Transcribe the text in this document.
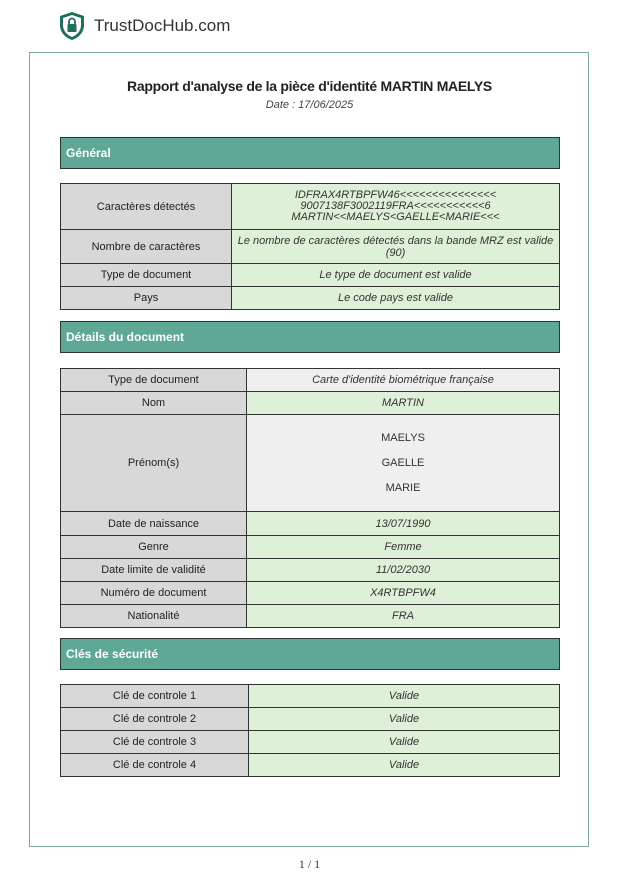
TrustDocHub.com
Rapport d'analyse de la pièce d'identité MARTIN MAELYS
Date : 17/06/2025
Général
Caractères détectés	IDFRAX4RTBPFW46<<<<<<<<<<<<<<<
9007138F3002119FRA<<<<<<<<<<<6
MARTIN<<MAELYS<GAELLE<MARIE<<<

Nombre de caractères	Le nombre de caractères détectés dans la bande MRZ est valide (90)
Type de document	Le type de document est valide
Pays	Le code pays est valide
Détails du document
Type de document	Carte d'identité biométrique française
Nom	MARTIN
Prénom(s)	MAELYS
GAELLE
MARIE

Date de naissance	13/07/1990
Genre	Femme
Date limite de validité	11/02/2030
Numéro de document	X4RTBPFW4
Nationalité	FRA
Clés de sécurité
Clé de controle 1	Valide
Clé de controle 2	Valide
Clé de controle 3	Valide
Clé de controle 4	Valide
1 / 1
